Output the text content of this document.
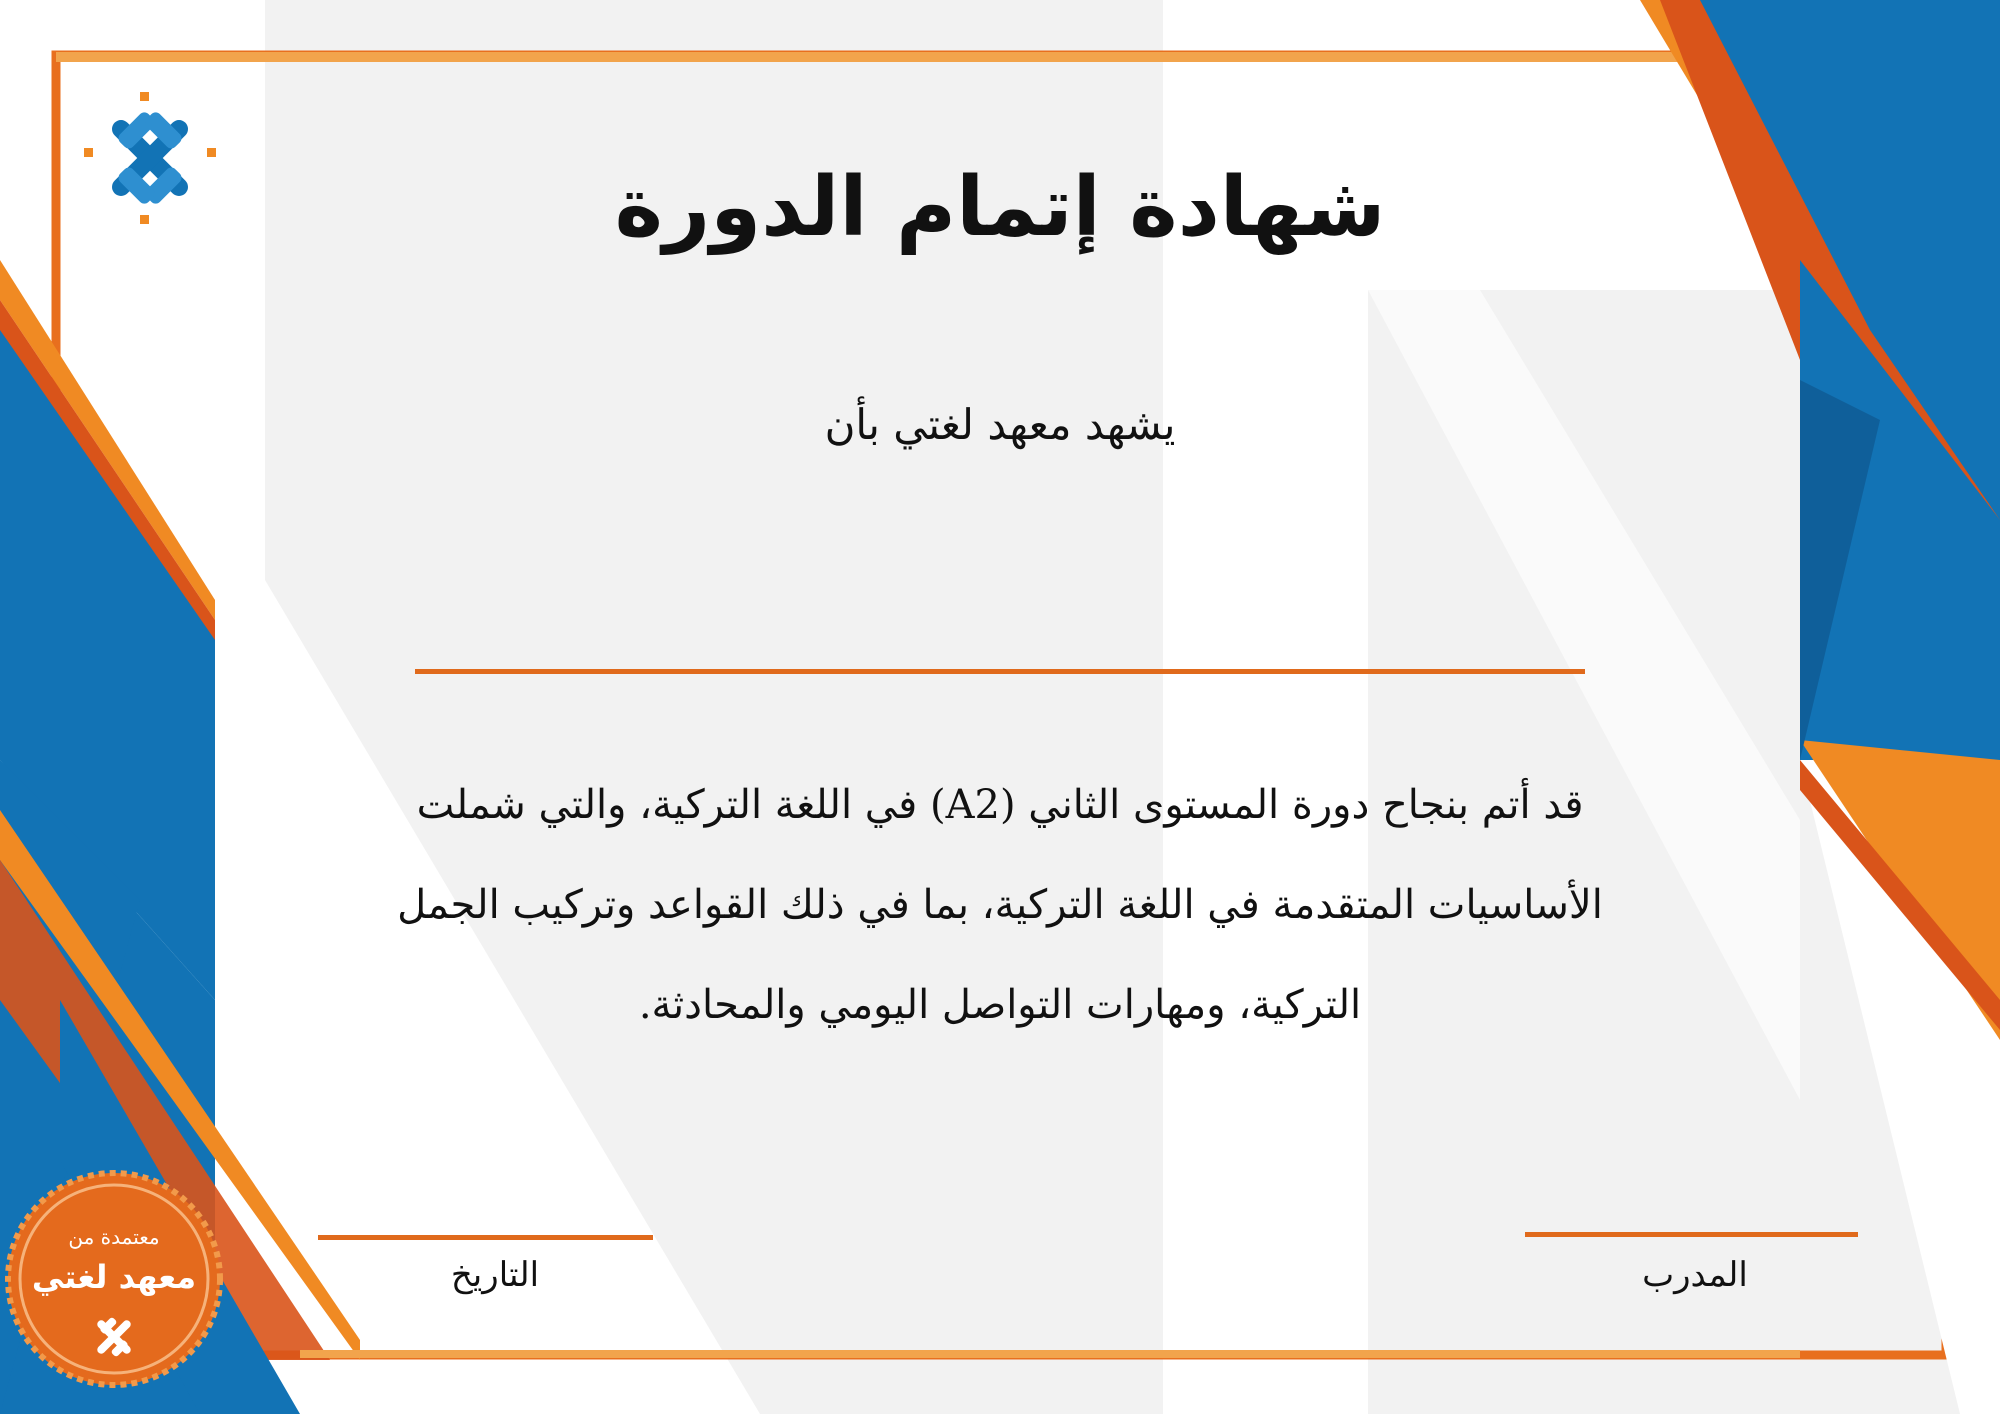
شهادة إتمام الدورة
يشهد معهد لغتي بأن

قد أتم بنجاح دورة المستوى الثاني (A2) في اللغة التركية، والتي شملت
الأساسيات المتقدمة في اللغة التركية، بما في ذلك القواعد وتركيب الجمل
التركية، ومهارات التواصل اليومي والمحادثة.

التاريخ	المدرب
معتمدة من
معهد لغتي
